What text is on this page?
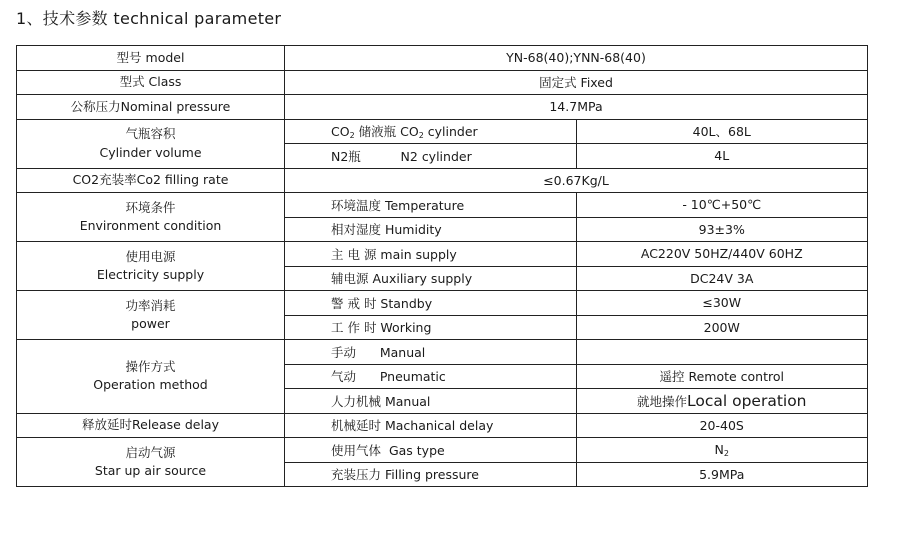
1、技术参数 technical parameter
型号 model	YN-68(40);YNN-68(40)	
型式 Class	固定式 Fixed	
公称压力Nominal pressure	14.7MPa	

气瓶容积
Cylinder volume	$CO_2$ 储液瓶 $CO_2$ cylinder	40L、68L
	N2瓶          N2 cylinder	4L
CO2充装率Co2 filling rate	≤0.67Kg/L	

环境条件
Environment condition	环境温度 Temperature	- 10℃+50℃
	相对湿度 Humidity	93±3%

使用电源
Electricity supply	主 电 源 main supply	AC220V 50HZ/440V 60HZ
	辅电源 Auxiliary supply	DC24V 3A

功率消耗
power	警 戒 时 Standby	≤30W
	工 作 时 Working	200W

操作方式
Operation method	手动      Manual	
	气动      Pneumatic	遥控 Remote control
	人力机械 Manual	就地操作Local operation
释放延时Release delay	机械延时 Machanical delay	20-40S

启动气源
Star up air source	使用气体  Gas type	$N_2$
	充装压力 Filling pressure	5.9MPa
